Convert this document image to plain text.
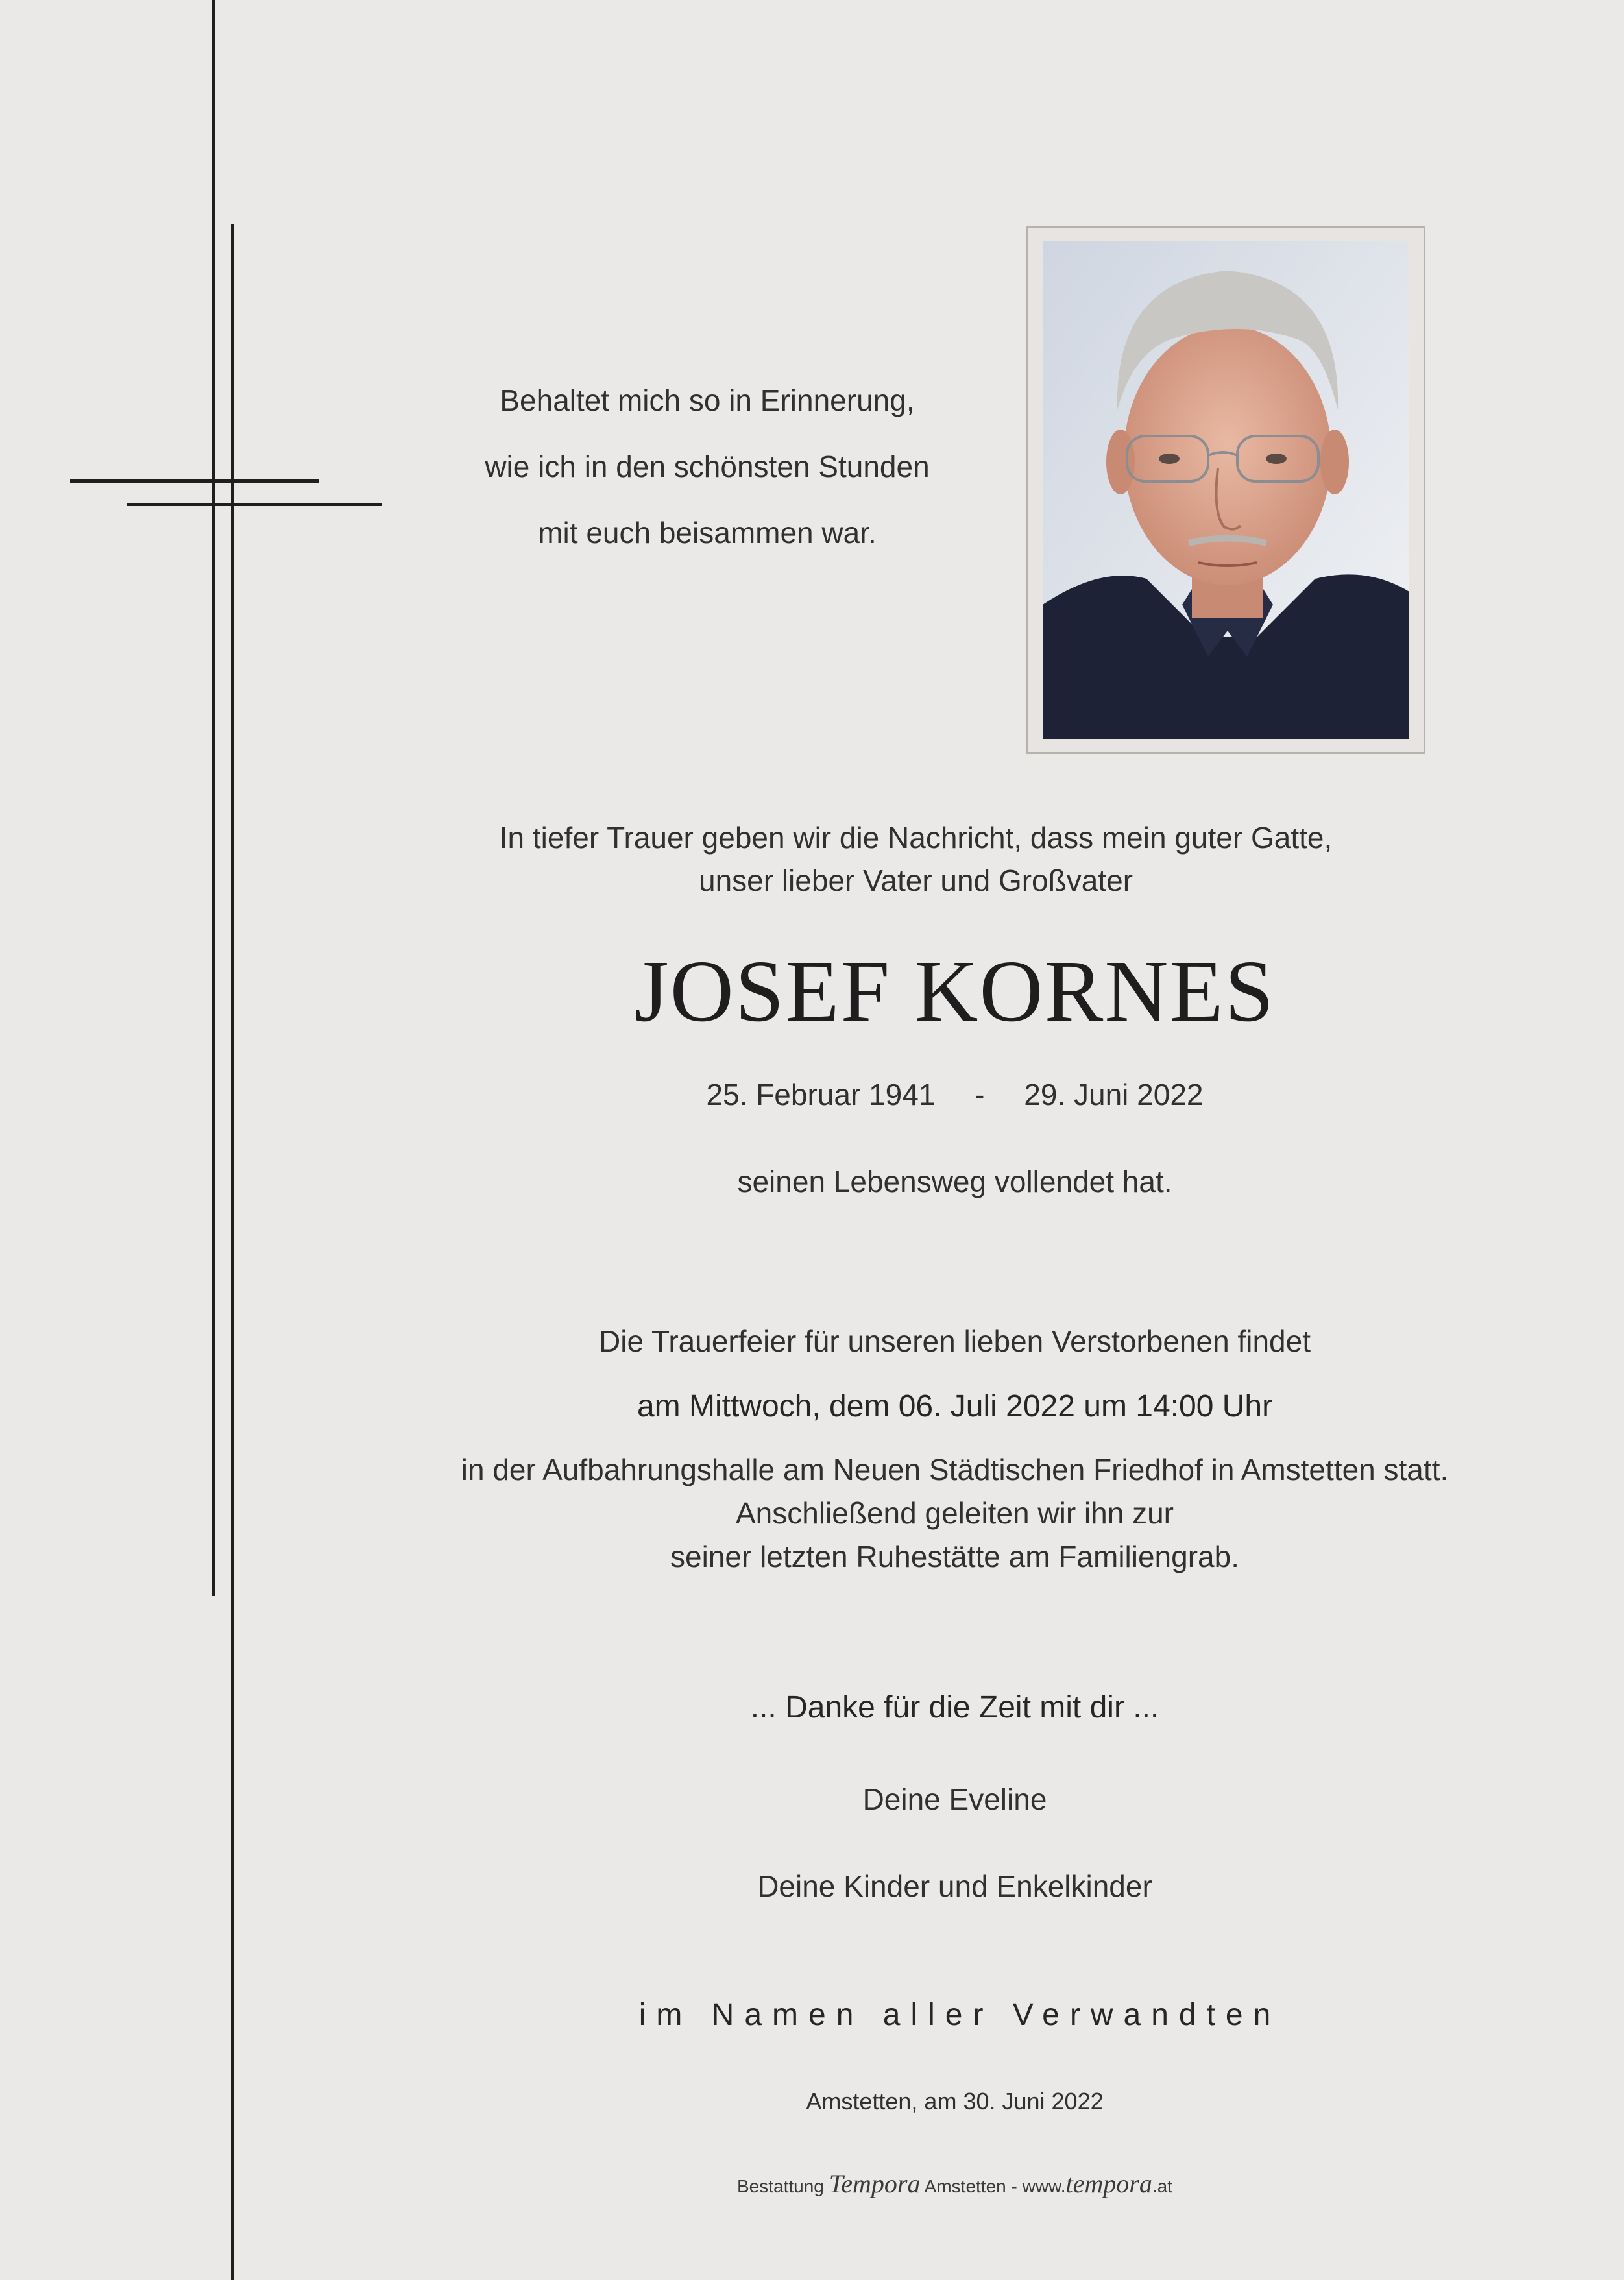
Behaltet mich so in Erinnerung,
wie ich in den schönsten Stunden
mit euch beisammen war.
In tiefer Trauer geben wir die Nachricht, dass mein guter Gatte,
unser lieber Vater und Großvater
JOSEF KORNES
25. Februar 1941 - 29. Juni 2022
seinen Lebensweg vollendet hat.
Die Trauerfeier für unseren lieben Verstorbenen findet
am Mittwoch, dem 06. Juli 2022 um 14:00 Uhr
in der Aufbahrungshalle am Neuen Städtischen Friedhof in Amstetten statt.
Anschließend geleiten wir ihn zur
seiner letzten Ruhestätte am Familiengrab.
... Danke für die Zeit mit dir ...
Deine Eveline
Deine Kinder und Enkelkinder
im Namen aller Verwandten
Amstetten, am 30. Juni 2022
Bestattung Tempora Amstetten - www.tempora.at
